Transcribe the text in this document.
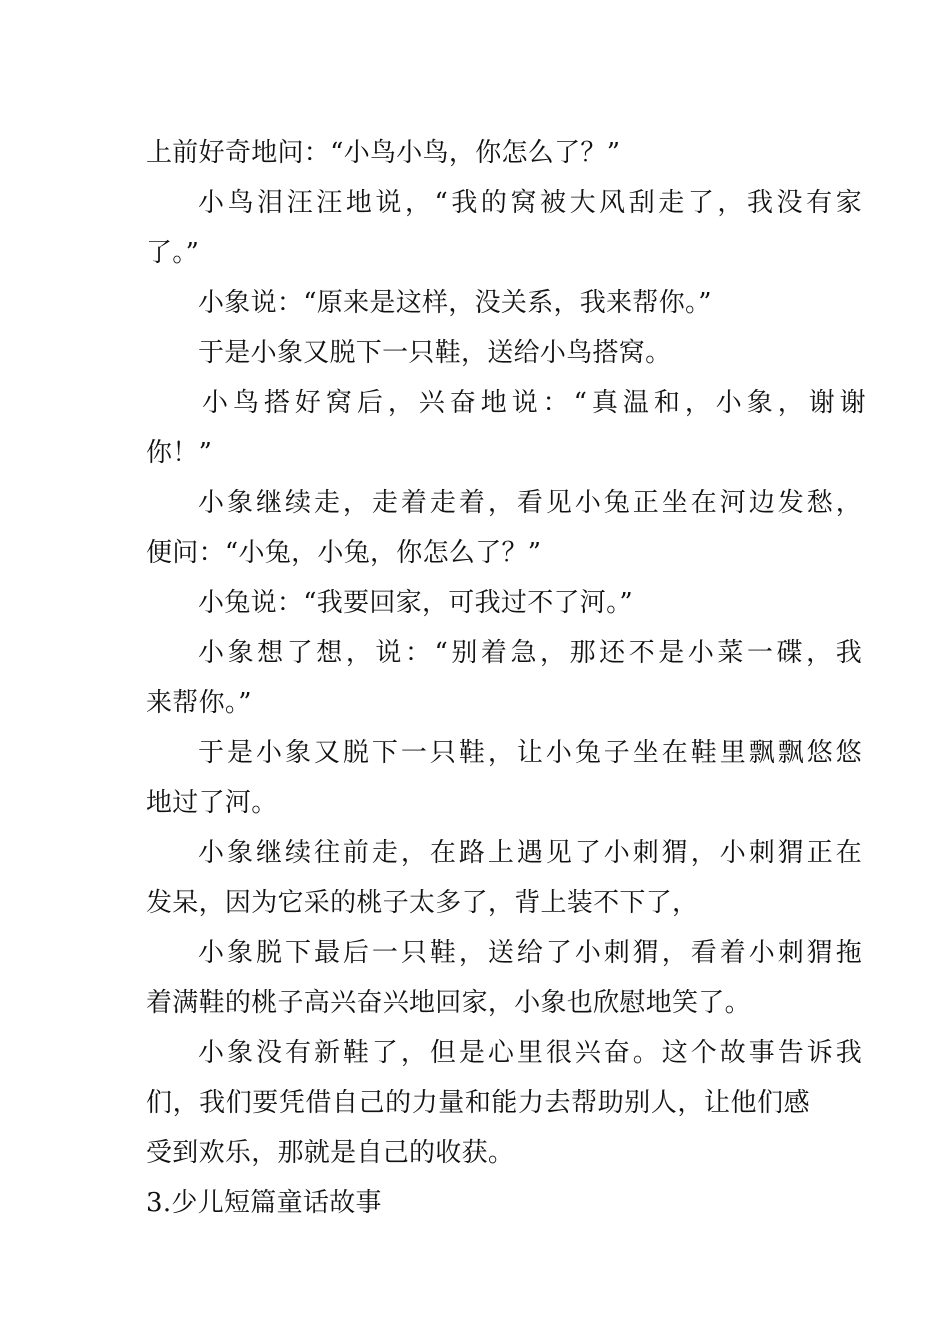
上前好奇地问：“小鸟小鸟，你怎么了？”
小鸟泪汪汪地说，“我的窝被大风刮走了，我没有家
了。”
小象说：“原来是这样，没关系，我来帮你。”
于是小象又脱下一只鞋，送给小鸟搭窝。
小鸟搭好窝后，兴奋地说：“真温和，小象，谢谢
你！”
小象继续走，走着走着，看见小兔正坐在河边发愁，
便问：“小兔，小兔，你怎么了？”
小兔说：“我要回家，可我过不了河。”
小象想了想，说：“别着急，那还不是小菜一碟，我
来帮你。”
于是小象又脱下一只鞋，让小兔子坐在鞋里飘飘悠悠
地过了河。
小象继续往前走，在路上遇见了小刺猬，小刺猬正在
发呆，因为它采的桃子太多了，背上装不下了，
小象脱下最后一只鞋，送给了小刺猬，看着小刺猬拖
着满鞋的桃子高兴奋兴地回家，小象也欣慰地笑了。
小象没有新鞋了，但是心里很兴奋。这个故事告诉我
们，我们要凭借自己的力量和能力去帮助别人，让他们感
受到欢乐，那就是自己的收获。
3.少儿短篇童话故事
